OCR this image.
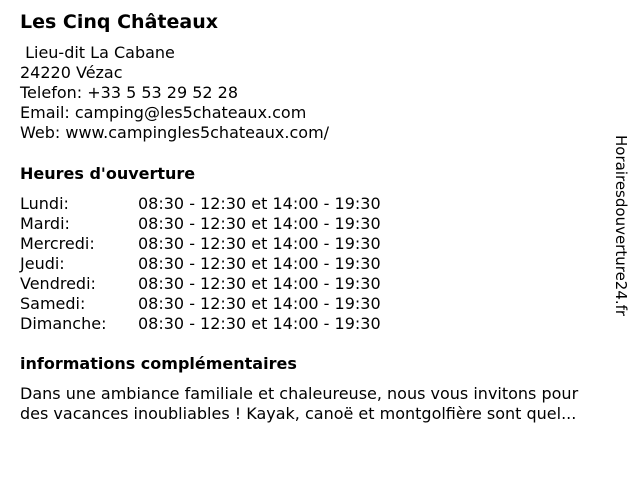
Les Cinq Châteaux
Lieu-dit La Cabane
24220 Vézac
Telefon: +33 5 53 29 52 28
Email: camping@les5chateaux.com
Web: www.campingles5chateaux.com/
Heures d'ouverture
Lundi:	08:30 - 12:30 et 14:00 - 19:30
Mardi:	08:30 - 12:30 et 14:00 - 19:30
Mercredi:	08:30 - 12:30 et 14:00 - 19:30
Jeudi:	08:30 - 12:30 et 14:00 - 19:30
Vendredi:	08:30 - 12:30 et 14:00 - 19:30
Samedi:	08:30 - 12:30 et 14:00 - 19:30
Dimanche:	08:30 - 12:30 et 14:00 - 19:30
informations complémentaires
Dans une ambiance familiale et chaleureuse, nous vous invitons pour
des vacances inoubliables ! Kayak, canoë et montgolfière sont quel...
Horairesdouverture24.fr
